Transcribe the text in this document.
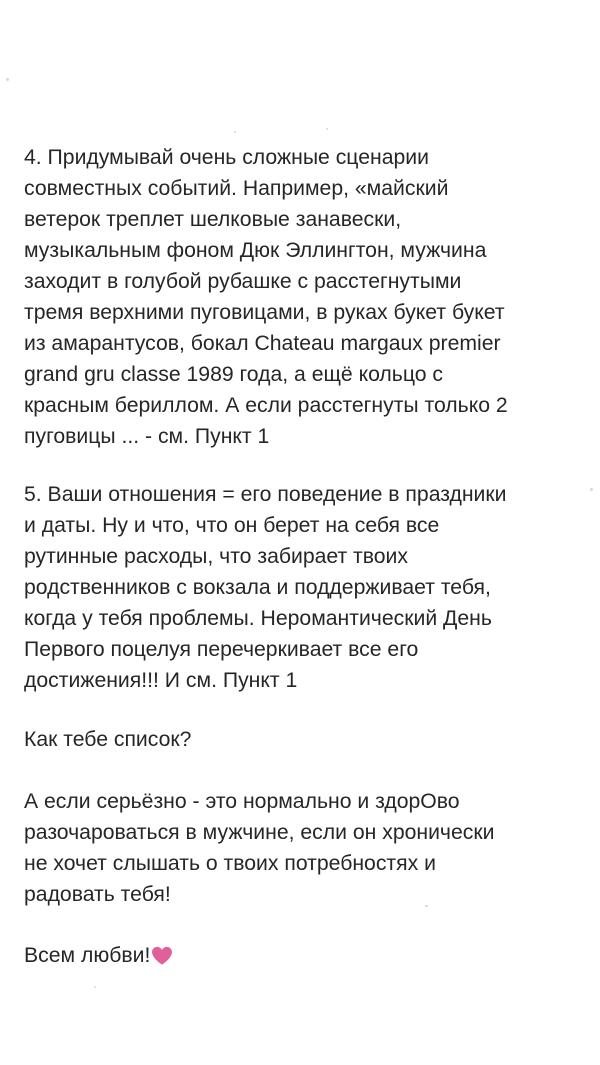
4. Придумывай очень сложные сценарии
совместных событий. Например, «майский
ветерок треплет шелковые занавески,
музыкальным фоном Дюк Эллингтон, мужчина
заходит в голубой рубашке с расстегнутыми
тремя верхними пуговицами, в руках букет букет
из амарантусов, бокал Chateau margaux premier
grand gru classe 1989 года, а ещё кольцо с
красным бериллом. А если расстегнуты только 2
пуговицы ... - см. Пункт 1

5. Ваши отношения = его поведение в праздники
и даты. Ну и что, что он берет на себя все
рутинные расходы, что забирает твоих
родственников с вокзала и поддерживает тебя,
когда у тебя проблемы. Неромантический День
Первого поцелуя перечеркивает все его
достижения!!! И см. Пункт 1

Как тебе список?

А если серьёзно - это нормально и здорОво
разочароваться в мужчине, если он хронически
не хочет слышать о твоих потребностях и
радовать тебя!

Всем любви!
